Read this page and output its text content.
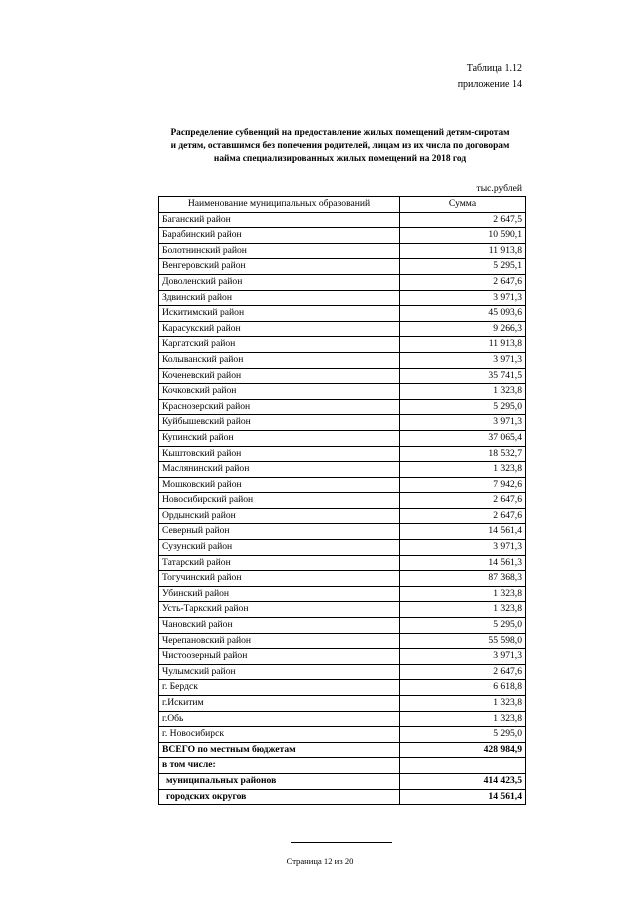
Таблица 1.12
приложение 14
Распределение субвенций на предоставление жилых помещений детям-сиротам
и детям, оставшимся без попечения родителей, лицам из их числа по договорам
найма специализированных жилых помещений на 2018 год
тыс.рублей
Наименование муниципальных образований	Сумма
Баганский район	2 647,5
Барабинский район	10 590,1
Болотнинский район	11 913,8
Венгеровский район	5 295,1
Доволенский район	2 647,6
Здвинский район	3 971,3
Искитимский район	45 093,6
Карасукский район	9 266,3
Каргатский район	11 913,8
Колыванский район	3 971,3
Коченевский район	35 741,5
Кочковский район	1 323,8
Краснозерский район	5 295,0
Куйбышевский район	3 971,3
Купинский район	37 065,4
Кыштовский район	18 532,7
Маслянинский район	1 323,8
Мошковский район	7 942,6
Новосибирский район	2 647,6
Ордынский район	2 647,6
Северный район	14 561,4
Сузунский район	3 971,3
Татарский район	14 561,3
Тогучинский район	87 368,3
Убинский район	1 323,8
Усть-Таркский район	1 323,8
Чановский район	5 295,0
Черепановский район	55 598,0
Чистоозерный район	3 971,3
Чулымский район	2 647,6
г. Бердск	6 618,8
г.Искитим	1 323,8
г.Обь	1 323,8
г. Новосибирск	5 295,0
ВСЕГО по местным бюджетам	428 984,9
в том числе:	
муниципальных районов	414 423,5
городских округов	14 561,4
Страница 12 из 20
